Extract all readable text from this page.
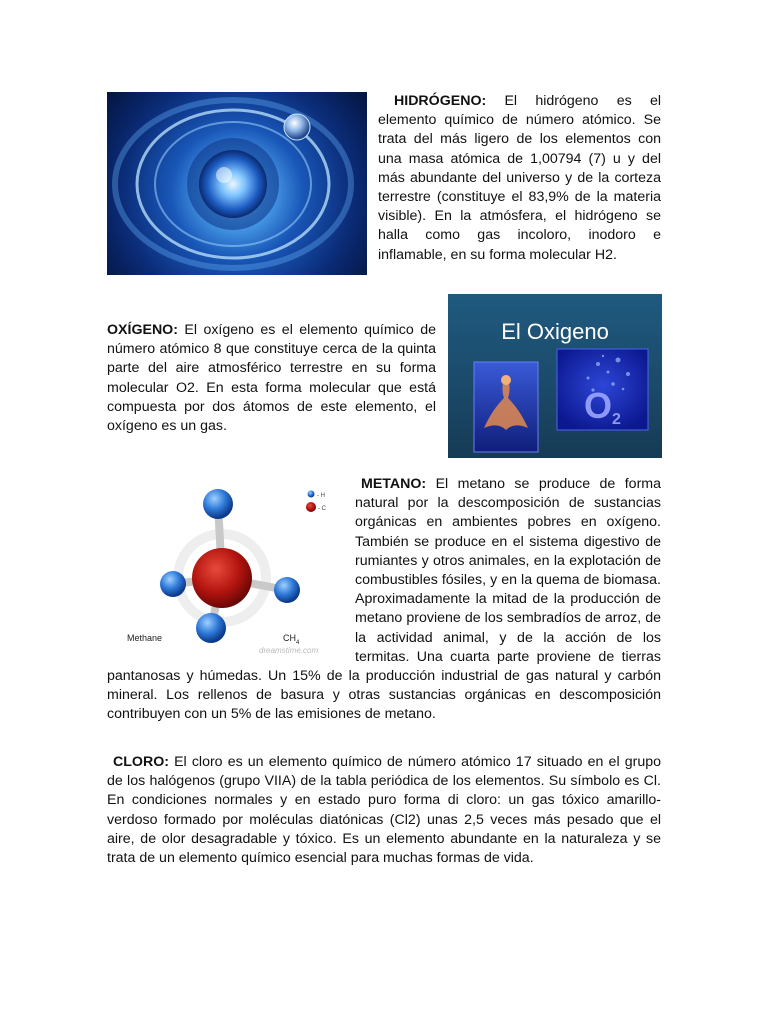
HIDRÓGENO: El hidrógeno es el elemento químico de número atómico. Se trata del más ligero de los elementos con una masa atómica de 1,00794 (7) u y del más abundante del universo y de la corteza terrestre (constituye el 83,9% de la materia visible). En la atmósfera, el hidrógeno se halla como gas incoloro, inodoro e inflamable, en su forma molecular H2.

OXÍGENO: El oxígeno es el elemento químico de número atómico 8 que constituye cerca de la quinta parte del aire atmosférico terrestre en su forma molecular O2. En esta forma molecular que está compuesta por dos átomos de este elemento, el oxígeno es un gas.

El Oxigeno
O 2
- H
- C
Methane	CH 4
dreamstime.com
METANO: El metano se produce de forma natural por la descomposición de sustancias orgánicas en ambientes pobres en oxígeno. También se produce en el sistema digestivo de rumiantes y otros animales, en la explotación de combustibles fósiles, y en la quema de biomasa. Aproximadamente la mitad de la producción de metano proviene de los sembradíos de arroz, de la actividad animal, y de la acción de los termitas. Una cuarta parte proviene de tierras pantanosas y húmedas. Un 15% de la producción industrial de gas natural y carbón mineral. Los rellenos de basura y otras sustancias orgánicas en descomposición contribuyen con un 5% de las emisiones de metano.

CLORO: El cloro es un elemento químico de número atómico 17 situado en el grupo de los halógenos (grupo VIIA) de la tabla periódica de los elementos. Su símbolo es Cl. En condiciones normales y en estado puro forma di cloro: un gas tóxico amarillo-verdoso formado por moléculas diatónicas (Cl2) unas 2,5 veces más pesado que el aire, de olor desagradable y tóxico. Es un elemento abundante en la naturaleza y se trata de un elemento químico esencial para muchas formas de vida.
